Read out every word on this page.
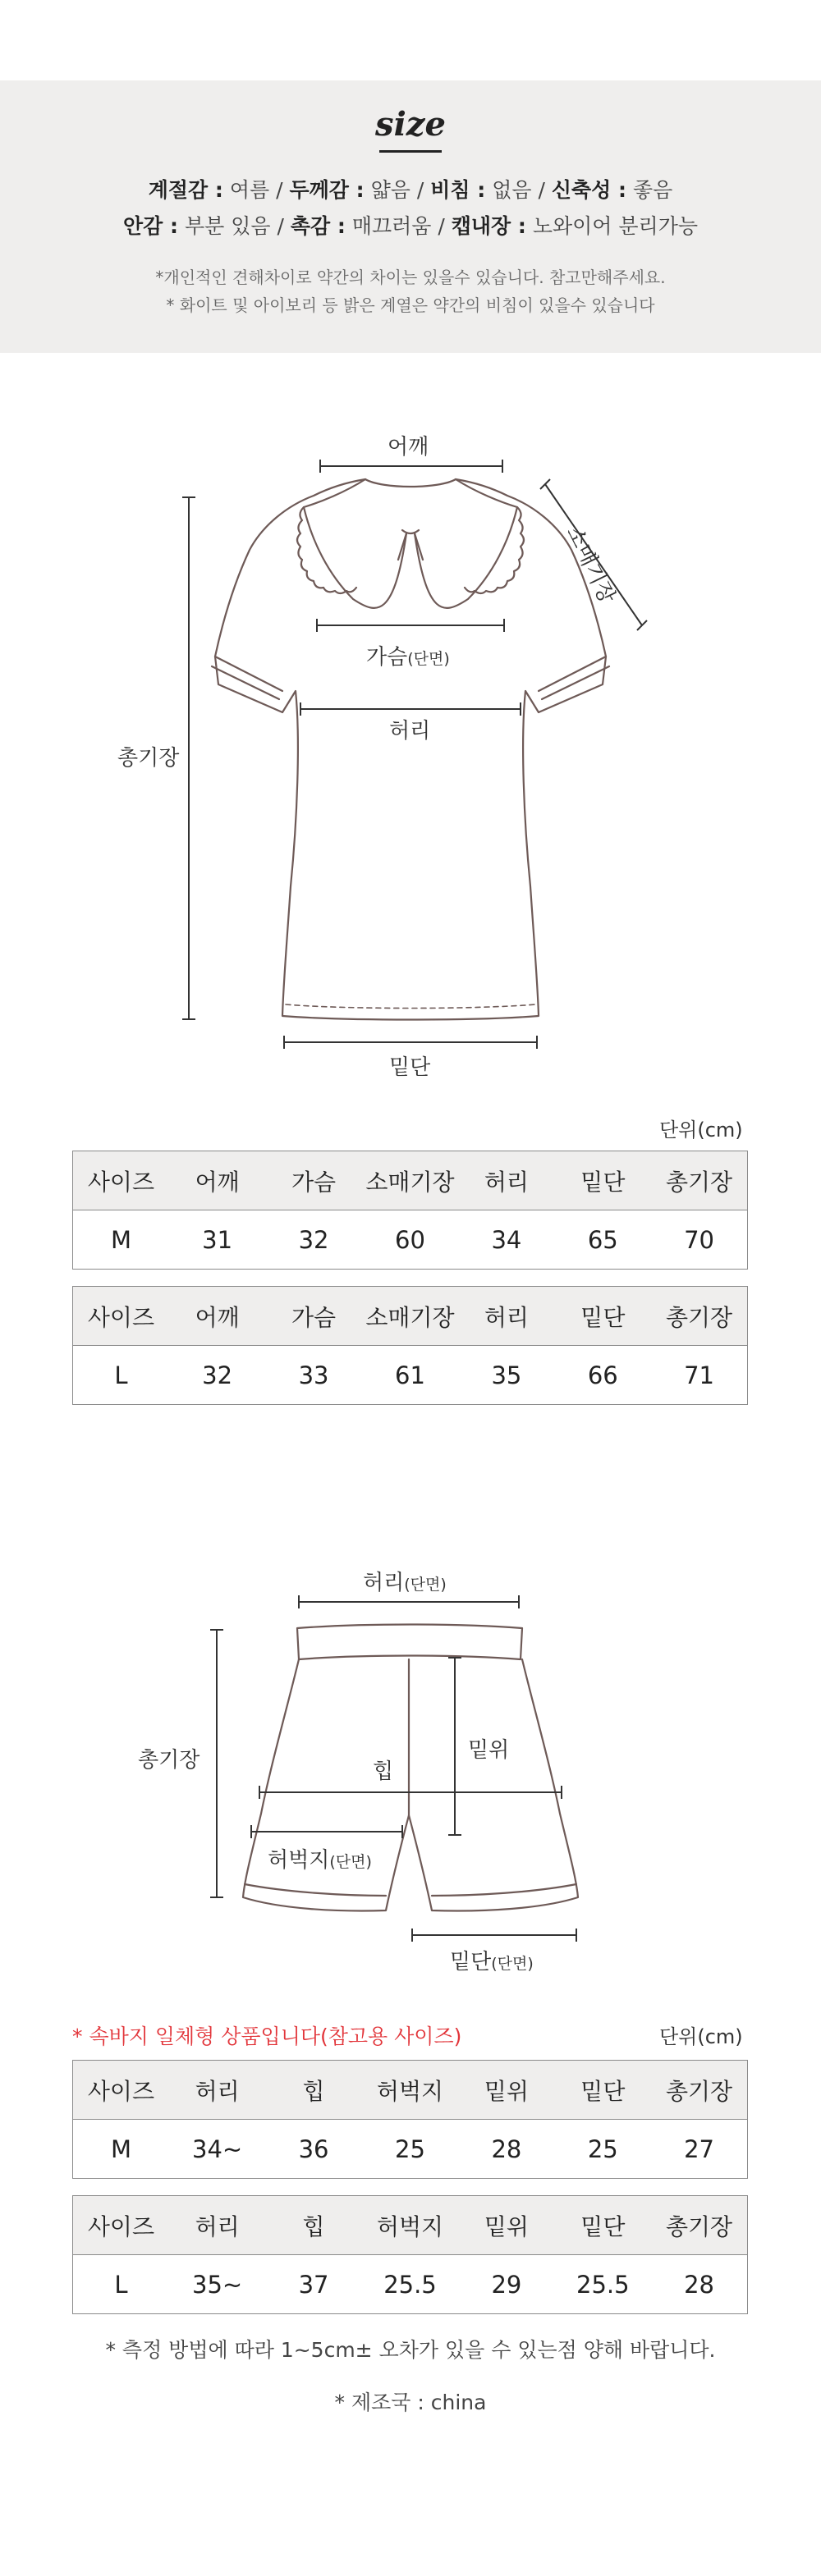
size
계절감 : 여름 / 두께감 : 얇음 / 비침 : 없음 / 신축성 : 좋음
안감 : 부분 있음 / 촉감 : 매끄러움 / 캡내장 : 노와이어 분리가능
*개인적인 견해차이로 약간의 차이는 있을수 있습니다. 참고만해주세요.
* 화이트 및 아이보리 등 밝은 계열은 약간의 비침이 있을수 있습니다
어깨
소매기장
가슴(단면)
허리
총기장
밑단
단위(cm)
사이즈	어깨	가슴	소매기장	허리	밑단	총기장
M	31	32	60	34	65	70
사이즈	어깨	가슴	소매기장	허리	밑단	총기장
L	32	33	61	35	66	71
허리(단면)
밑위
힙
허벅지(단면)
총기장
밑단(단면)
* 속바지 일체형 상품입니다(참고용 사이즈)	단위(cm)
사이즈	허리	힙	허벅지	밑위	밑단	총기장
M	34~	36	25	28	25	27
사이즈	허리	힙	허벅지	밑위	밑단	총기장
L	35~	37	25.5	29	25.5	28
* 측정 방법에 따라 1~5cm± 오차가 있을 수 있는점 양해 바랍니다.
* 제조국 : china
